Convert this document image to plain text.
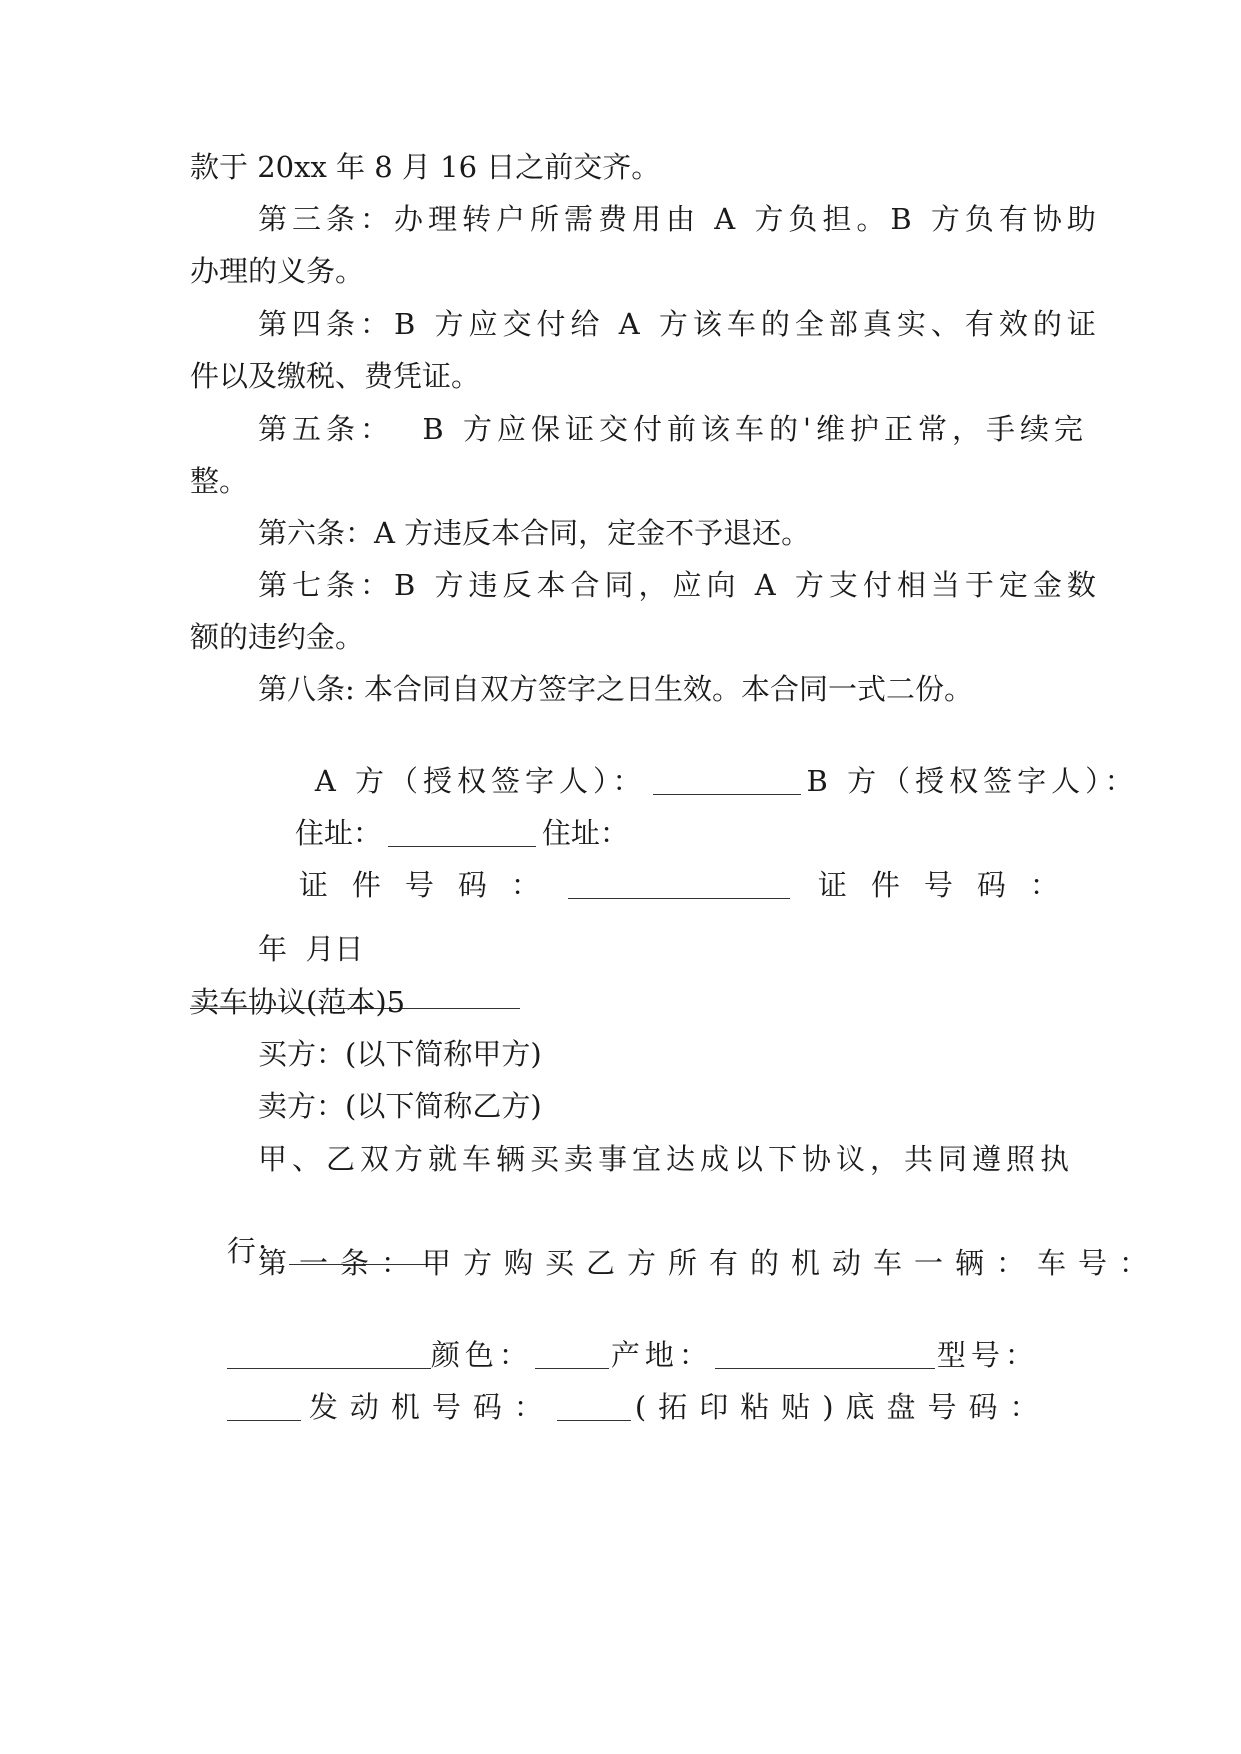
款于 20xx 年 8 月 16 日之前交齐。
第三条：办理转户所需费用由 A 方负担。B 方负有协助
办理的义务。
第四条：B 方应交付给 A 方该车的全部真实、有效的证
件以及缴税、费凭证。
第五条：  B 方应保证交付前该车的'维护正常，手续完
整。
第六条：A 方违反本合同，定金不予退还。
第七条：B 方违反本合同，应向 A 方支付相当于定金数
额的违约金。
第八条: 本合同自双方签字之日生效。本合同一式二份。

A 方（授权签字人）：	B 方（授权签字人）：

住址：	住址：

证件号码：	证件号码：

年  月日
卖车协议(范本)5
买方：(以下简称甲方)
卖方：(以下简称乙方)
甲、乙双方就车辆买卖事宜达成以下协议，共同遵照执

行：

第一条：甲方购买乙方所有的机动车一辆：车号：

颜色：	产地：	型号：

发动机号码：	(拓印粘贴)底盘号码：
